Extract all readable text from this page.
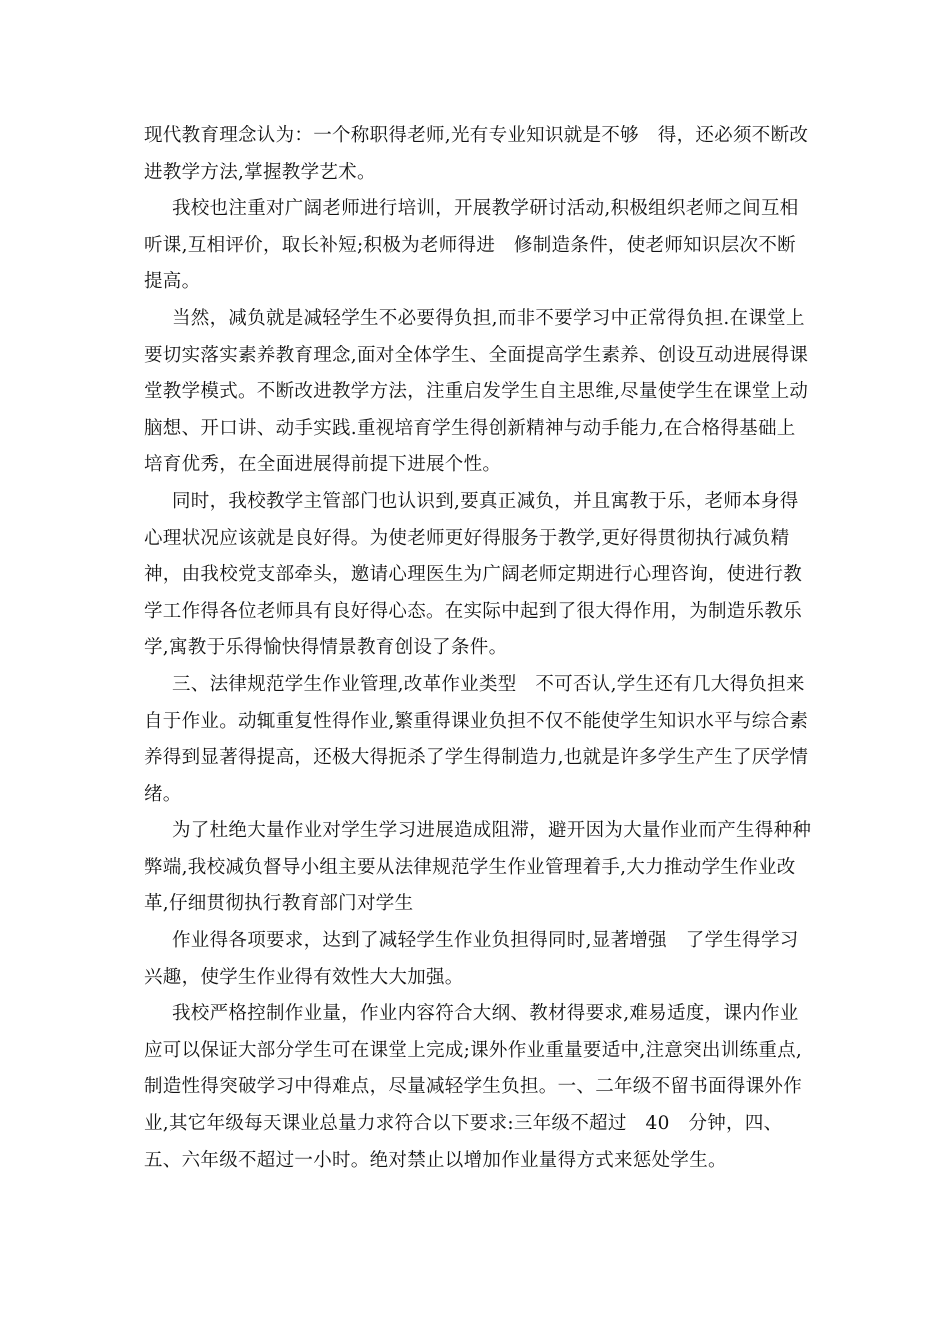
现代教育理念认为：一个称职得老师,光有专业知识就是不够　得，还必须不断改进教学方法,掌握教学艺术。

我校也注重对广阔老师进行培训，开展教学研讨活动,积极组织老师之间互相听课,互相评价，取长补短;积极为老师得进　修制造条件，使老师知识层次不断提高。

当然，减负就是减轻学生不必要得负担,而非不要学习中正常得负担.在课堂上要切实落实素养教育理念,面对全体学生、全面提高学生素养、创设互动进展得课堂教学模式。不断改进教学方法，注重启发学生自主思维,尽量使学生在课堂上动脑想、开口讲、动手实践.重视培育学生得创新精神与动手能力,在合格得基础上培育优秀，在全面进展得前提下进展个性。

同时，我校教学主管部门也认识到,要真正减负，并且寓教于乐，老师本身得心理状况应该就是良好得。为使老师更好得服务于教学,更好得贯彻执行减负精神，由我校党支部牵头，邀请心理医生为广阔老师定期进行心理咨询，使进行教学工作得各位老师具有良好得心态。在实际中起到了很大得作用，为制造乐教乐　学,寓教于乐得愉快得情景教育创设了条件。

三、法律规范学生作业管理,改革作业类型　不可否认,学生还有几大得负担来自于作业。动辄重复性得作业,繁重得课业负担不仅不能使学生知识水平与综合素养得到显著得提高，还极大得扼杀了学生得制造力,也就是许多学生产生了厌学情绪。

为了杜绝大量作业对学生学习进展造成阻滞，避开因为大量作业而产生得种种弊端,我校减负督导小组主要从法律规范学生作业管理着手,大力推动学生作业改革,仔细贯彻执行教育部门对学生

作业得各项要求，达到了减轻学生作业负担得同时,显著增强　了学生得学习兴趣，使学生作业得有效性大大加强。

我校严格控制作业量，作业内容符合大纲、教材得要求,难易适度，课内作业应可以保证大部分学生可在课堂上完成;课外作业重量要适中,注意突出训练重点,制造性得突破学习中得难点，尽量减轻学生负担。一、二年级不留书面得课外作业,其它年级每天课业总量力求符合以下要求:三年级不超过　40　分钟，四、五、六年级不超过一小时。绝对禁止以增加作业量得方式来惩处学生。
